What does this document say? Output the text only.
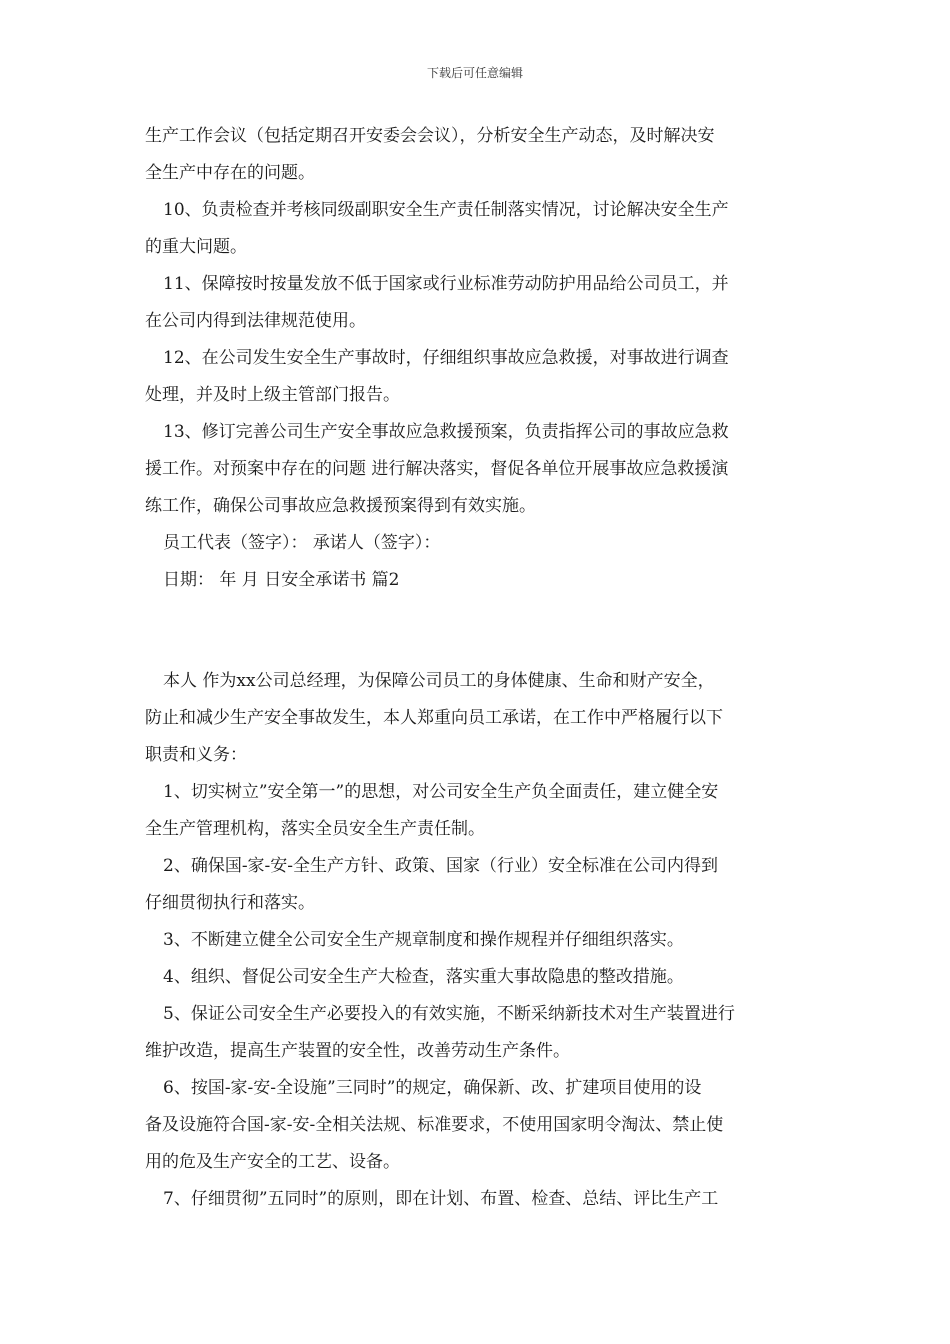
下载后可任意编辑

生产工作会议（包括定期召开安委会会议），分析安全生产动态，及时解决安

全生产中存在的问题。

10、负责检查并考核同级副职安全生产责任制落实情况，讨论解决安全生产

的重大问题。

11、保障按时按量发放不低于国家或行业标准劳动防护用品给公司员工，并

在公司内得到法律规范使用。

12、在公司发生安全生产事故时，仔细组织事故应急救援，对事故进行调查

处理，并及时上级主管部门报告。

13、修订完善公司生产安全事故应急救援预案，负责指挥公司的事故应急救

援工作。对预案中存在的问题 进行解决落实，督促各单位开展事故应急救援演

练工作，确保公司事故应急救援预案得到有效实施。

员工代表（签字）： 承诺人（签字）：

日期： 年 月 日安全承诺书 篇2

本人 作为xx公司总经理，为保障公司员工的身体健康、生命和财产安全，

防止和减少生产安全事故发生，本人郑重向员工承诺，在工作中严格履行以下

职责和义务：

1、切实树立”安全第一”的思想，对公司安全生产负全面责任，建立健全安

全生产管理机构，落实全员安全生产责任制。

2、确保国-家-安-全生产方针、政策、国家（行业）安全标准在公司内得到

仔细贯彻执行和落实。

3、不断建立健全公司安全生产规章制度和操作规程并仔细组织落实。

4、组织、督促公司安全生产大检查，落实重大事故隐患的整改措施。

5、保证公司安全生产必要投入的有效实施，不断采纳新技术对生产装置进行

维护改造，提高生产装置的安全性，改善劳动生产条件。

6、按国-家-安-全设施”三同时”的规定，确保新、改、扩建项目使用的设

备及设施符合国-家-安-全相关法规、标准要求，不使用国家明令淘汰、禁止使

用的危及生产安全的工艺、设备。

7、仔细贯彻”五同时”的原则，即在计划、布置、检查、总结、评比生产工
